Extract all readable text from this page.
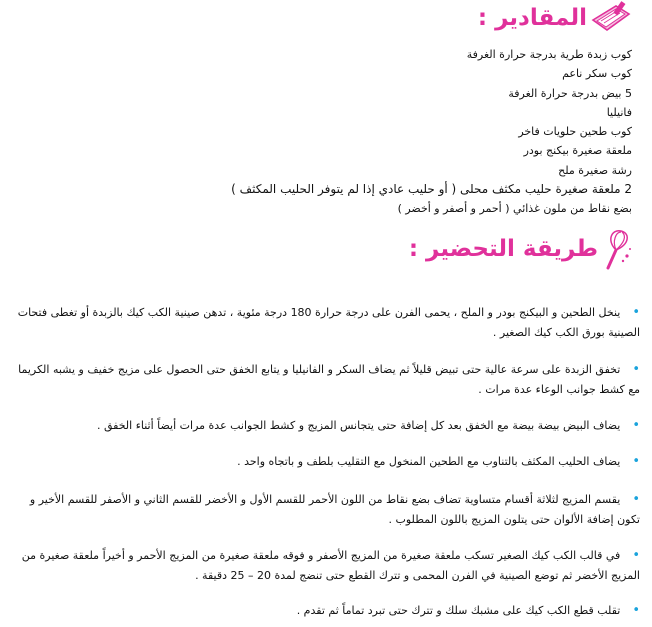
المقادير :
كوب زبدة طرية بدرجة حرارة الغرفة
كوب سكر ناعم
5 بيض بدرجة حرارة الغرفة
فانيليا
كوب طحين حلويات فاخر
ملعقة صغيرة بيكنج بودر
رشة صغيرة ملح
2 ملعقة صغيرة حليب مكثف محلى ( أو حليب عادي إذا لم يتوفر الحليب المكثف )
بضع نقاط من ملون غذائي ( أحمر و أصفر و أخضر )
طريقة التحضير :
•ينخل الطحين و البيكنج بودر و الملح ، يحمى الفرن على درجة حرارة 180 درجة مئوية ، تدهن صينية الكب كيك بالزبدة أو تغطى فتحات الصينية بورق الكب كيك الصغير .
•تخفق الزبدة على سرعة عالية حتى تبيض قليلاً ثم يضاف السكر و الفانيليا و يتابع الخفق حتى الحصول على مزيج خفيف و يشبه الكريما مع كشط جوانب الوعاء عدة مرات .
•يضاف البيض بيضة بيضة مع الخفق بعد كل إضافة حتى يتجانس المزيج و كشط الجوانب عدة مرات أيضاً أثناء الخفق .
•يضاف الحليب المكثف بالتناوب مع الطحين المنخول مع التقليب بلطف و باتجاه واحد .
•يقسم المزيج لثلاثة أقسام متساوية تضاف بضع نقاط من اللون الأحمر للقسم الأول و الأخضر للقسم الثاني و الأصفر للقسم الأخير و تكون إضافة الألوان حتى يتلون المزيج باللون المطلوب .
•في قالب الكب كيك الصغير تسكب ملعقة صغيرة من المزيج الأصفر و فوقه ملعقة صغيرة من المزيج الأحمر و أخيراً ملعقة صغيرة من المزيج الأخضر ثم توضع الصينية في الفرن المحمى و تترك القطع حتى تنضج لمدة 20 – 25 دقيقة .
•تقلب قطع الكب كيك على مشبك سلك و تترك حتى تبرد تماماً ثم تقدم .
